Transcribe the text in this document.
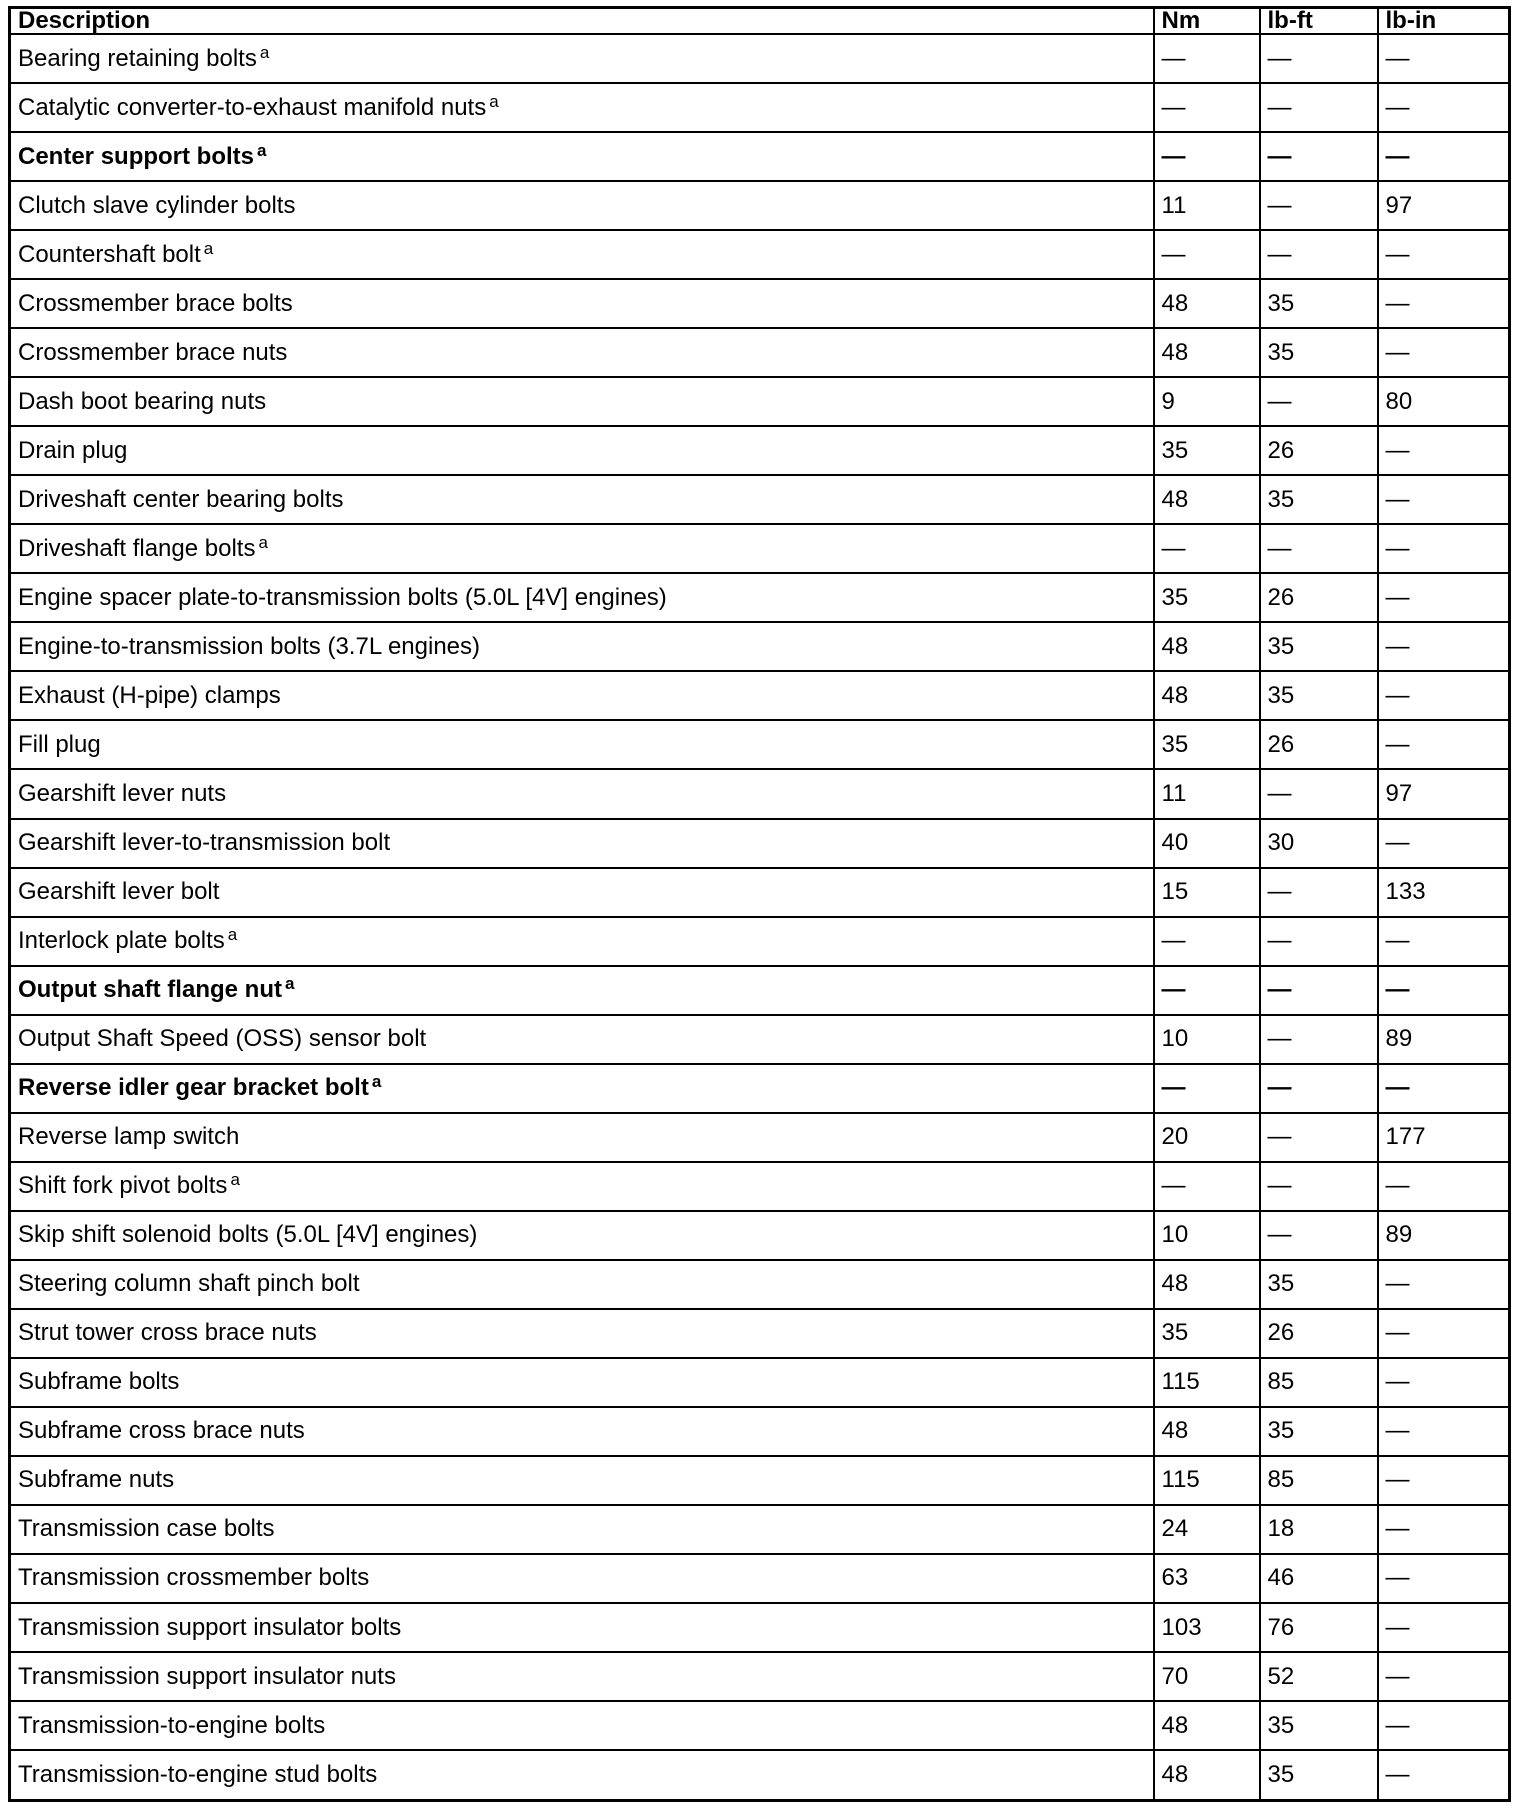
Description	Nm	lb-ft	lb-in
Bearing retaining bolts $^a$	—	—	—
Catalytic converter-to-exhaust manifold nuts $^a$	—	—	—
Center support bolts $^a$	—	—	—
Clutch slave cylinder bolts	11	—	97
Countershaft bolt $^a$	—	—	—
Crossmember brace bolts	48	35	—
Crossmember brace nuts	48	35	—
Dash boot bearing nuts	9	—	80
Drain plug	35	26	—
Driveshaft center bearing bolts	48	35	—
Driveshaft flange bolts $^a$	—	—	—
Engine spacer plate-to-transmission bolts (5.0L [4V] engines)	35	26	—
Engine-to-transmission bolts (3.7L engines)	48	35	—
Exhaust (H-pipe) clamps	48	35	—
Fill plug	35	26	—
Gearshift lever nuts	11	—	97
Gearshift lever-to-transmission bolt	40	30	—
Gearshift lever bolt	15	—	133
Interlock plate bolts $^a$	—	—	—
Output shaft flange nut $^a$	—	—	—
Output Shaft Speed (OSS) sensor bolt	10	—	89
Reverse idler gear bracket bolt $^a$	—	—	—
Reverse lamp switch	20	—	177
Shift fork pivot bolts $^a$	—	—	—
Skip shift solenoid bolts (5.0L [4V] engines)	10	—	89
Steering column shaft pinch bolt	48	35	—
Strut tower cross brace nuts	35	26	—
Subframe bolts	115	85	—
Subframe cross brace nuts	48	35	—
Subframe nuts	115	85	—
Transmission case bolts	24	18	—
Transmission crossmember bolts	63	46	—
Transmission support insulator bolts	103	76	—
Transmission support insulator nuts	70	52	—
Transmission-to-engine bolts	48	35	—
Transmission-to-engine stud bolts	48	35	—
